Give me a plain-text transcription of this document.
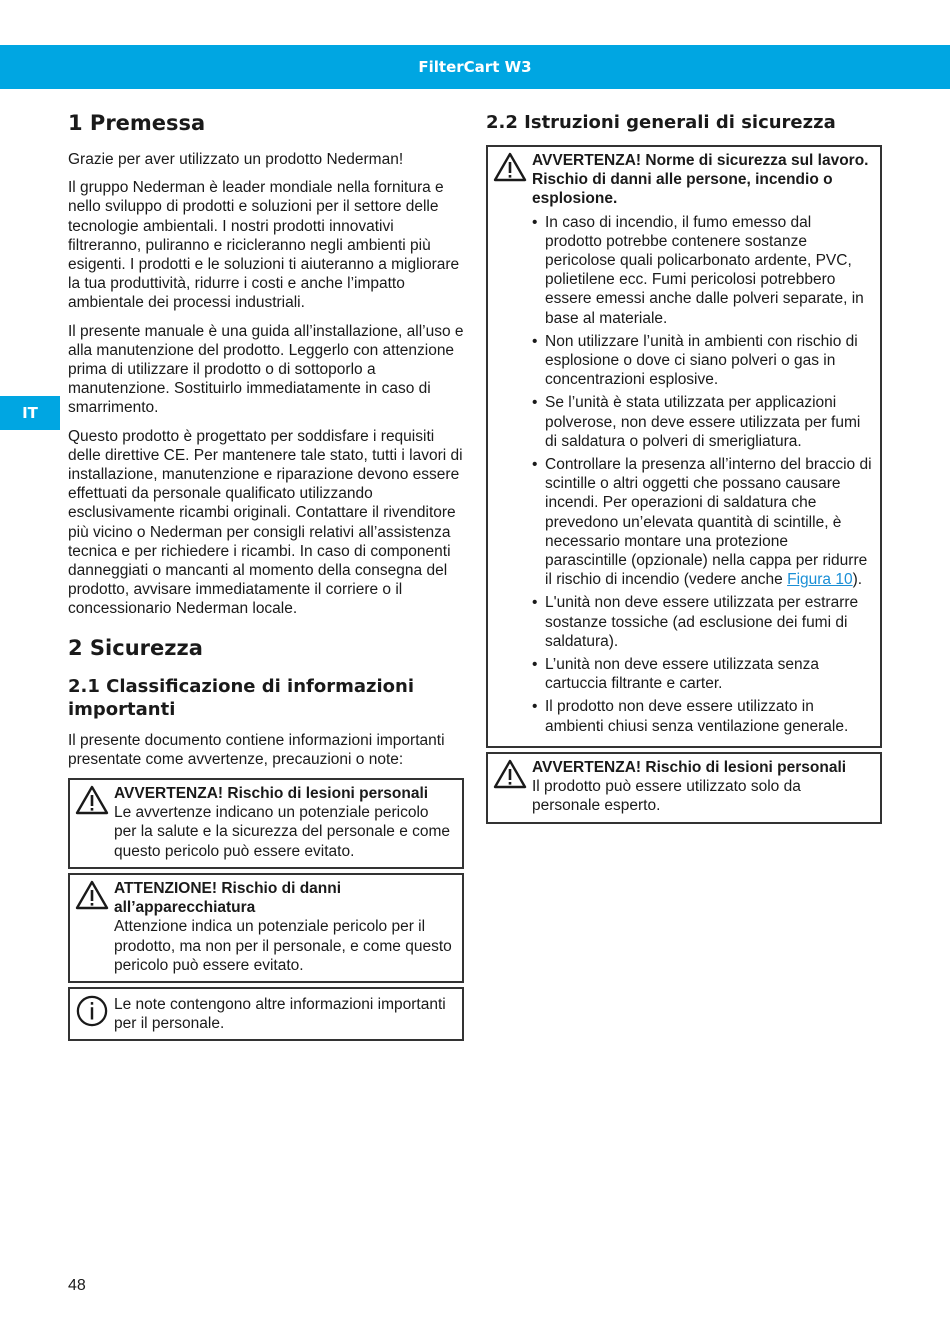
FilterCart W3
IT
1 Premessa

Grazie per aver utilizzato un prodotto Nederman!

Il gruppo Nederman è leader mondiale nella fornitura e nello sviluppo di prodotti e soluzioni per il settore delle tecnologie ambientali. I nostri prodotti innovativi filtreranno, puliranno e ricicleranno negli ambienti più esigenti. I prodotti e le soluzioni ti aiuteranno a migliorare la tua produttività, ridurre i costi e anche l’impatto ambientale dei processi industriali.

Il presente manuale è una guida all’installazione, all’uso e alla manutenzione del prodotto. Leggerlo con attenzione prima di utilizzare il prodotto o di sottoporlo a manutenzione. Sostituirlo immediatamente in caso di smarrimento.

Questo prodotto è progettato per soddisfare i requisiti delle direttive CE. Per mantenere tale stato, tutti i lavori di installazione, manutenzione e riparazione devono essere effettuati da personale qualificato utilizzando esclusivamente ricambi originali. Contattare il rivenditore più vicino o Nederman per consigli relativi all’assistenza tecnica e per richiedere i ricambi. In caso di componenti danneggiati o mancanti al momento della consegna del prodotto, avvisare immediatamente il corriere o il concessionario Nederman locale.

2 Sicurezza
2.1 Classificazione di informazioni importanti

Il presente documento contiene informazioni importanti presentate come avvertenze, precauzioni o note:

AVVERTENZA! Rischio di lesioni personali
Le avvertenze indicano un potenziale pericolo per la salute e la sicurezza del personale e come questo pericolo può essere evitato.
ATTENZIONE! Rischio di danni all’apparecchiatura
Attenzione indica un potenziale pericolo per il prodotto, ma non per il personale, e come questo pericolo può essere evitato.
Le note contengono altre informazioni importanti per il personale.
2.2 Istruzioni generali di sicurezza
AVVERTENZA! Norme di sicurezza sul lavoro. Rischio di danni alle persone, incendio o esplosione.
• In caso di incendio, il fumo emesso dal prodotto potrebbe contenere sostanze pericolose quali policarbonato ardente, PVC, polietilene ecc. Fumi pericolosi potrebbero essere emessi anche dalle polveri separate, in base al materiale.
• Non utilizzare l’unità in ambienti con rischio di esplosione o dove ci siano polveri o gas in concentrazioni esplosive.
• Se l’unità è stata utilizzata per applicazioni polverose, non deve essere utilizzata per fumi di saldatura o polveri di smerigliatura.
• Controllare la presenza all’interno del braccio di scintille o altri oggetti che possano causare incendi. Per operazioni di saldatura che prevedono un’elevata quantità di scintille, è necessario montare una protezione parascintille (opzionale) nella cappa per ridurre il rischio di incendio (vedere anche Figura 10).
• L'unità non deve essere utilizzata per estrarre sostanze tossiche (ad esclusione dei fumi di saldatura).
• L’unità non deve essere utilizzata senza cartuccia filtrante e carter.
• Il prodotto non deve essere utilizzato in ambienti chiusi senza ventilazione generale.
AVVERTENZA! Rischio di lesioni personali
Il prodotto può essere utilizzato solo da personale esperto.
48
